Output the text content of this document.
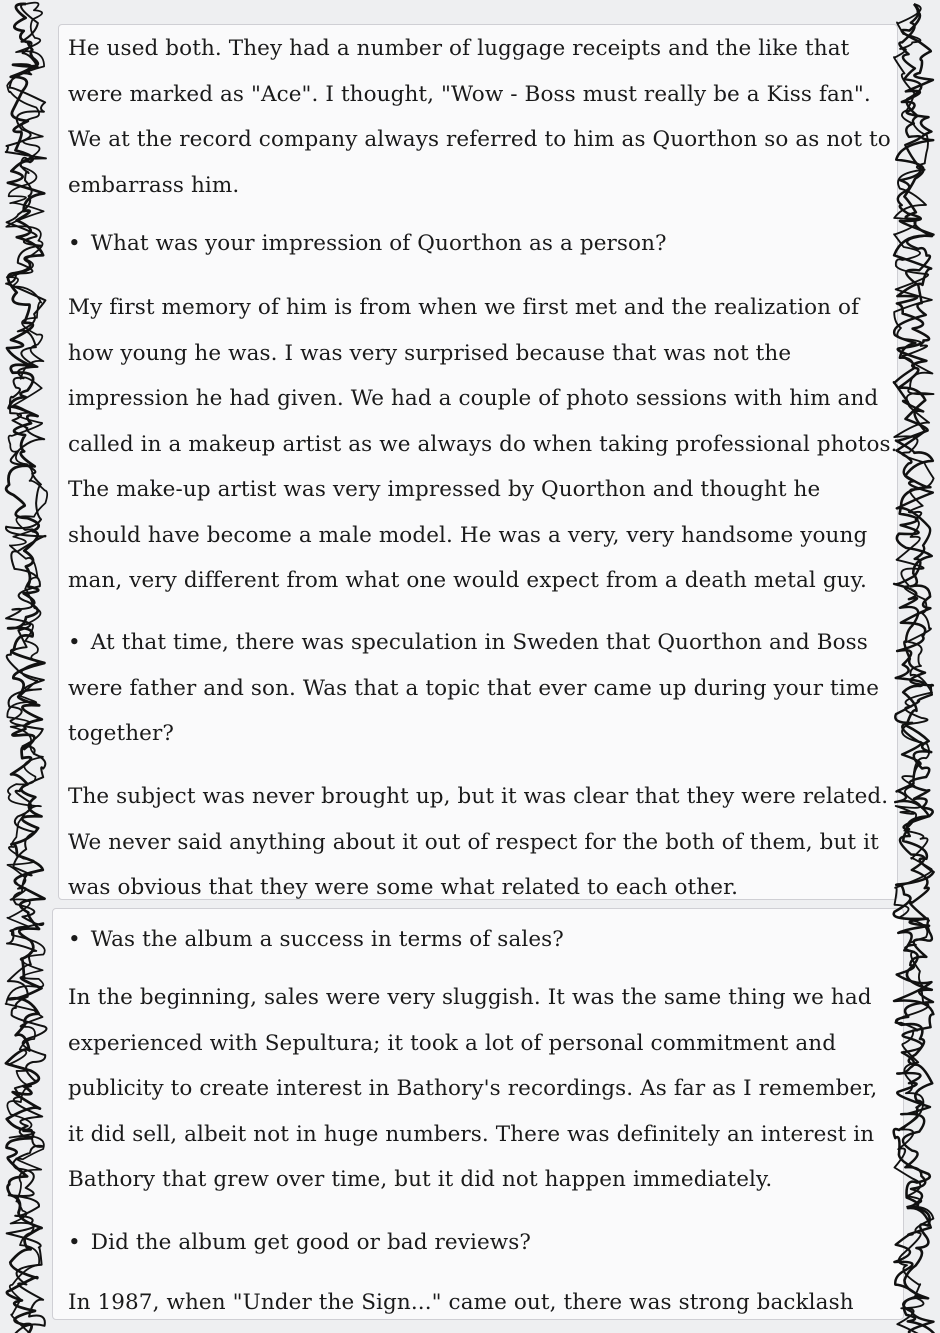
He used both. They had a number of luggage receipts and the like that were marked as "Ace". I thought, "Wow - Boss must really be a Kiss fan". We at the record company always referred to him as Quorthon so as not to embarrass him.

• What was your impression of Quorthon as a person?

My first memory of him is from when we first met and the realization of how young he was. I was very surprised because that was not the impression he had given. We had a couple of photo sessions with him and called in a makeup artist as we always do when taking professional photos. The make-up artist was very impressed by Quorthon and thought he should have become a male model. He was a very, very handsome young man, very different from what one would expect from a death metal guy.

• At that time, there was speculation in Sweden that Quorthon and Boss were father and son. Was that a topic that ever came up during your time together?

The subject was never brought up, but it was clear that they were related. We never said anything about it out of respect for the both of them, but it was obvious that they were some what related to each other.

• Was the album a success in terms of sales?

In the beginning, sales were very sluggish. It was the same thing we had experienced with Sepultura; it took a lot of personal commitment and publicity to create interest in Bathory's recordings. As far as I remember, it did sell, albeit not in huge numbers. There was definitely an interest in Bathory that grew over time, but it did not happen immediately.

• Did the album get good or bad reviews?

In 1987, when "Under the Sign..." came out, there was strong backlash
